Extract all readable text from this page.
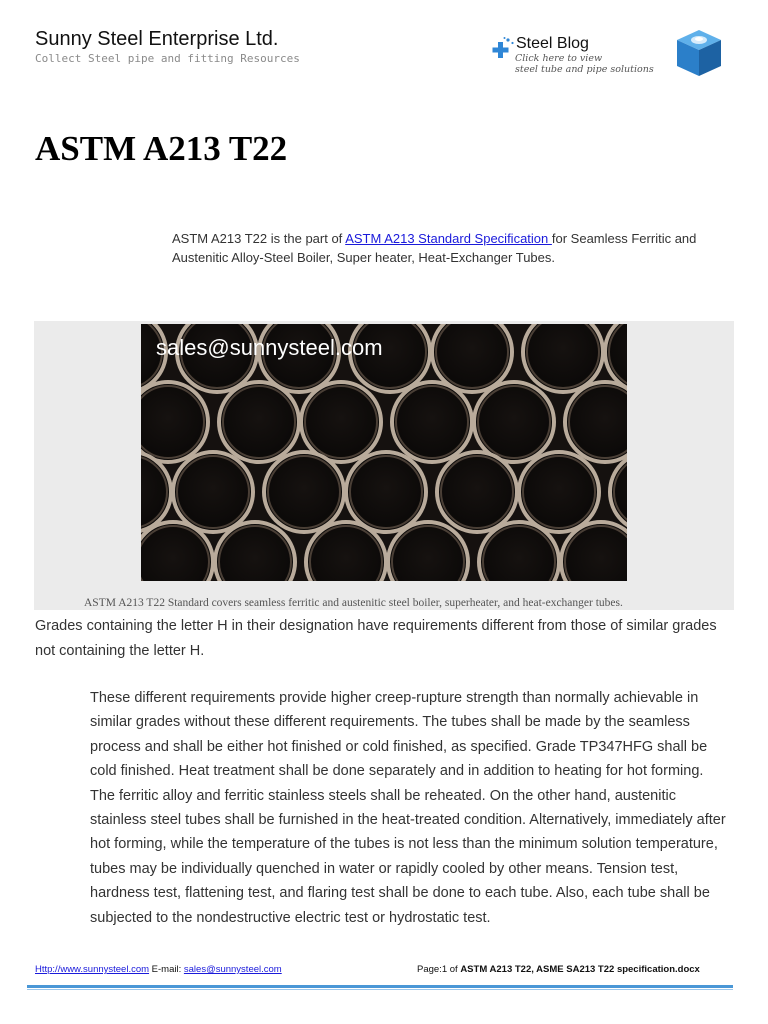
Sunny Steel Enterprise Ltd.
Collect Steel pipe and fitting Resources
Steel Blog
Click here to view
steel tube and pipe solutions
ASTM A213 T22

ASTM A213 T22 is the part of ASTM A213 Standard Specification for Seamless Ferritic and Austenitic Alloy-Steel Boiler, Super heater, Heat-Exchanger Tubes.

sales@sunnysteel.com
ASTM A213 T22 Standard covers seamless ferritic and austenitic steel boiler, superheater, and heat-exchanger tubes.

Grades containing the letter H in their designation have requirements different from those of similar grades not containing the letter H.

These different requirements provide higher creep-rupture strength than normally achievable in similar grades without these different requirements. The tubes shall be made by the seamless process and shall be either hot finished or cold finished, as specified. Grade TP347HFG shall be cold finished. Heat treatment shall be done separately and in addition to heating for hot forming. The ferritic alloy and ferritic stainless steels shall be reheated. On the other hand, austenitic stainless steel tubes shall be furnished in the heat-treated condition. Alternatively, immediately after hot forming, while the temperature of the tubes is not less than the minimum solution temperature, tubes may be individually quenched in water or rapidly cooled by other means. Tension test, hardness test, flattening test, and flaring test shall be done to each tube. Also, each tube shall be subjected to the nondestructive electric test or hydrostatic test.

Http://www.sunnysteel.com E-mail: sales@sunnysteel.com	Page:1 of ASTM A213 T22, ASME SA213 T22 specification.docx
